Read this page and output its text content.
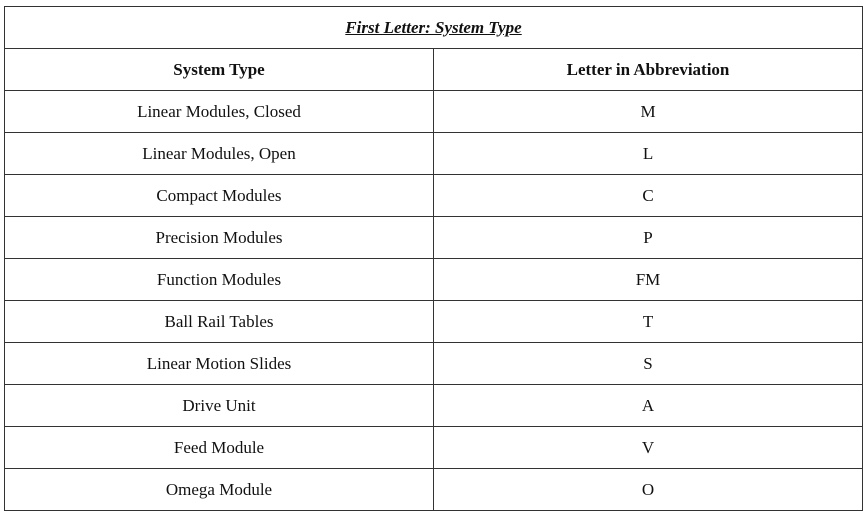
First Letter: System Type	
System Type	Letter in Abbreviation
Linear Modules, Closed	M
Linear Modules, Open	L
Compact Modules	C
Precision Modules	P
Function Modules	FM
Ball Rail Tables	T
Linear Motion Slides	S
Drive Unit	A
Feed Module	V
Omega Module	O
